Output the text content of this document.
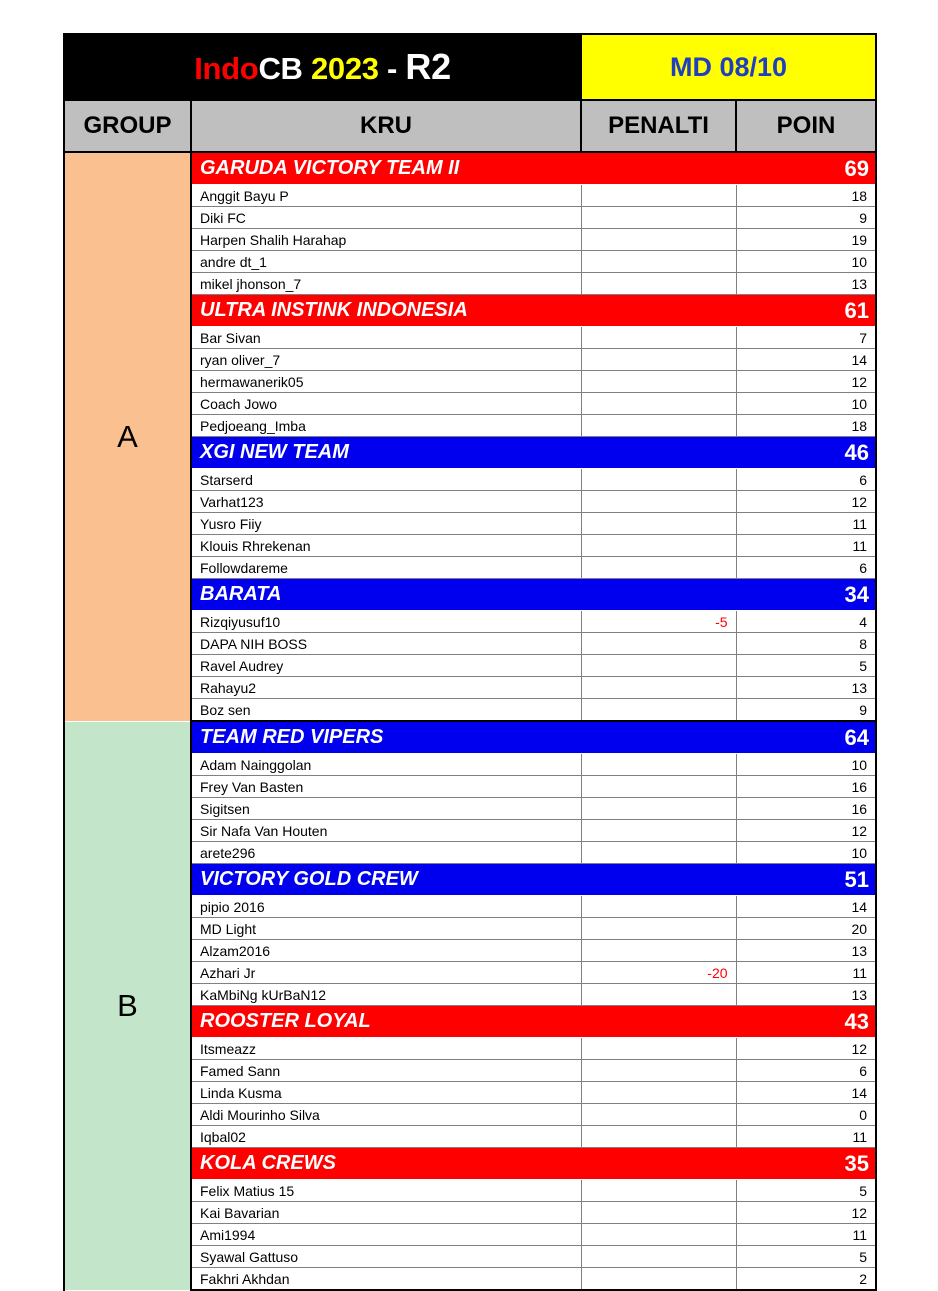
IndoCB 2023 - R2		MD 08/10	
GROUP	KRU	PENALTI	POIN
A	GARUDA VICTORY TEAM II		69
	Anggit Bayu P		18
	Diki FC		9
	Harpen Shalih Harahap		19
	andre dt_1		10
	mikel jhonson_7		13
	ULTRA INSTINK INDONESIA		61
	Bar Sivan		7
	ryan oliver_7		14
	hermawanerik05		12
	Coach Jowo		10
	Pedjoeang_Imba		18
	XGI NEW TEAM		46
	Starserd		6
	Varhat123		12
	Yusro Fiiy		11
	Klouis Rhrekenan		11
	Followdareme		6
	BARATA		34
	Rizqiyusuf10	-5	4
	DAPA NIH BOSS		8
	Ravel Audrey		5
	Rahayu2		13
	Boz sen		9
B	TEAM RED VIPERS		64
	Adam Nainggolan		10
	Frey Van Basten		16
	Sigitsen		16
	Sir Nafa Van Houten		12
	arete296		10
	VICTORY GOLD CREW		51
	pipio 2016		14
	MD Light		20
	Alzam2016		13
	Azhari Jr	-20	11
	KaMbiNg kUrBaN12		13
	ROOSTER LOYAL		43
	Itsmeazz		12
	Famed Sann		6
	Linda Kusma		14
	Aldi Mourinho Silva		0
	Iqbal02		11
	KOLA CREWS		35
	Felix Matius 15		5
	Kai Bavarian		12
	Ami1994		11
	Syawal Gattuso		5
	Fakhri Akhdan		2
